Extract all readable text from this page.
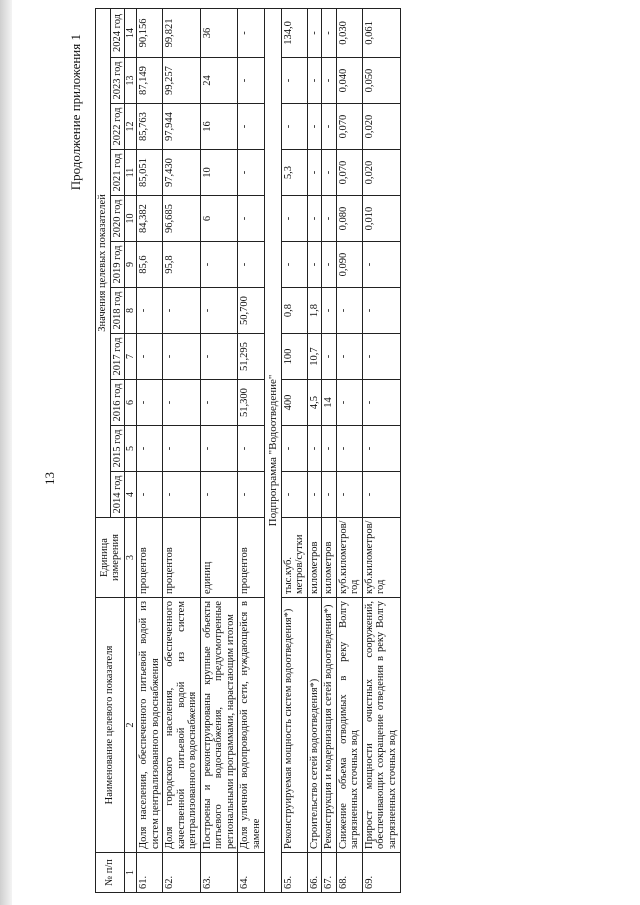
13
Продолжение приложения 1
№ п/п	Наименование целевого показателя	Единица измерения	Значения целевых показателей										
			2014 год	2015 год	2016 год	2017 год	2018 год	2019 год	2020 год	2021 год	2022 год	2023 год	2024 год
1	2	3	4	5	6	7	8	9	10	11	12	13	14
61.	Доля населения, обеспеченного питьевой водой из систем централизованного водоснабжения	процентов	-	-	-	-	-	85,6	84,382	85,051	85,763	87,149	90,156
62.	Доля городского населения, обеспеченного качественной питьевой водой из систем централизованного водоснабжения	процентов	-	-	-	-	-	95,8	96,685	97,430	97,944	99,257	99,821
63.	Построены и реконструированы крупные объекты питьевого водоснабжения, предусмотренные региональными программами, нарастающим итогом	единиц	-	-	-	-	-	-	6	10	16	24	36
64.	Доля уличной водопроводной сети, нуждающейся в замене	процентов	-	-	51,300	51,295	50,700	-	-	-	-	-	-
Подпрограмма "Водоотведение"													
65.	Реконструируемая мощность систем водоотведения*)	тыс.куб. метров/сутки	-	-	400	100	0,8	-	-	5,3	-	-	134,0
66.	Строительство сетей водоотведения*)	километров	-	-	4,5	10,7	1,8	-	-	-	-	-	-
67.	Реконструкция и модернизация сетей водоотведения*)	километров	-	-	14	-	-	-	-	-	-	-	-
68.	Снижение объема отводимых в реку Волгу загрязненных сточных вод	куб.километров/год	-	-	-	-	-	0,090	0,080	0,070	0,070	0,040	0,030
69.	Прирост мощности очистных сооружений, обеспечивающих сокращение отведения в реку Волгу загрязненных сточных вод	куб.километров/год	-	-	-	-	-	-	0,010	0,020	0,020	0,050	0,061
